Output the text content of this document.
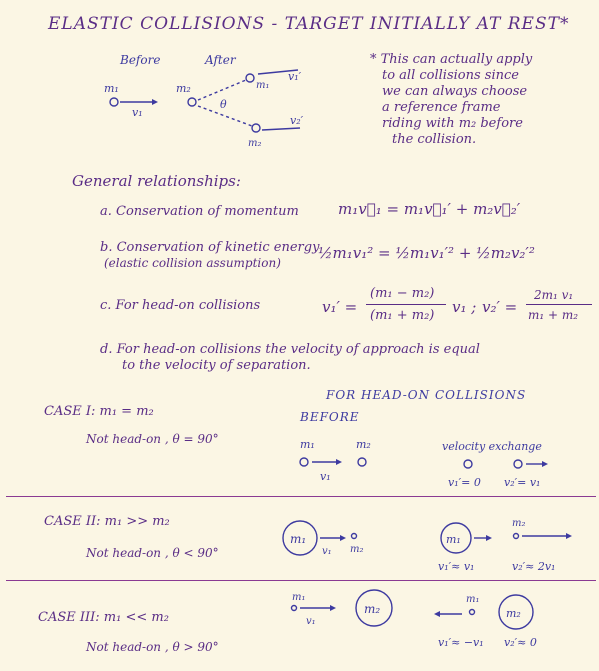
ELASTIC COLLISIONS - TARGET INITIALLY AT REST*
Before	After
m₁
v₁
m₂	m₁
v₁′
m₂
v₂′
θ
* This can actually apply
to all collisions since
we can always choose
a reference frame
riding with m₂ before
the collision.
General relationships:
a. Conservation of momentum	m₁v⃗₁ = m₁v⃗₁′ + m₂v⃗₂′
b. Conservation of kinetic energy
(elastic collision assumption)
½m₁v₁² = ½m₁v₁′² + ½m₂v₂′²
c. For head-on collisions	v₁′ =
(m₁ − m₂)
(m₁ + m₂) v₁ ; v₂′ =
2m₁ v₁
m₁ + m₂
d. For head-on collisions the velocity of approach is equal
to the velocity of separation.
FOR HEAD-ON COLLISIONS
BEFORE
CASE I: m₁ = m₂
Not head-on , θ = 90°	m₁	m₂
v₁
velocity exchange
v₁′= 0 v₂′= v₁
CASE II: m₁ >> m₂
Not head-on , θ < 90°
m₁
v₁ m₂
m₁
m₂
v₁′≈ v₁	v₂′≈ 2v₁
CASE III: m₁ << m₂
Not head-on , θ > 90°
m₁
v₁
m₂
m₁
m₂
v₁′≈ −v₁ v₂′≈ 0
